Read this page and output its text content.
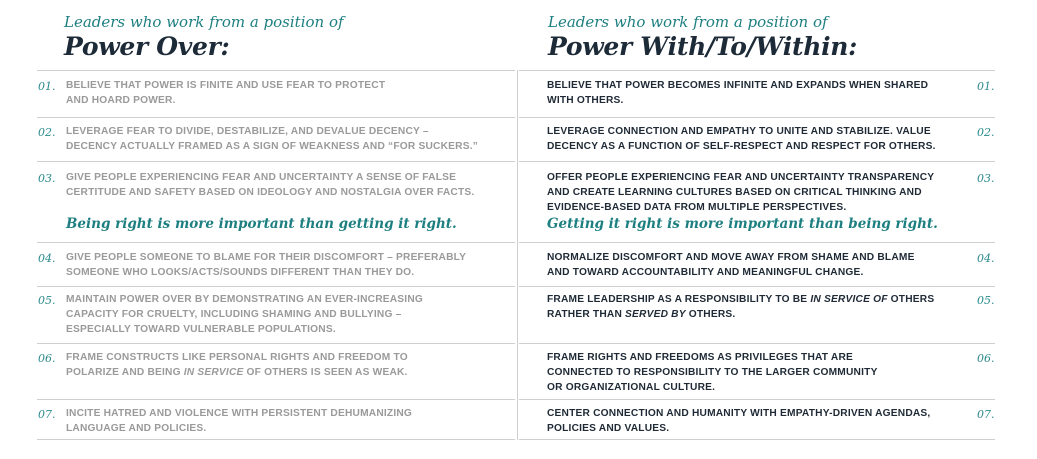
Leaders who work from a position of
Power Over:
Leaders who work from a position of
Power With/To/Within:
01. BELIEVE THAT POWER IS FINITE AND USE FEAR TO PROTECT
AND HOARD POWER.
BELIEVE THAT POWER BECOMES INFINITE AND EXPANDS WHEN SHARED
WITH OTHERS.
01.
02. LEVERAGE FEAR TO DIVIDE, DESTABILIZE, AND DEVALUE DECENCY –
DECENCY ACTUALLY FRAMED AS A SIGN OF WEAKNESS AND “FOR SUCKERS.”
LEVERAGE CONNECTION AND EMPATHY TO UNITE AND STABILIZE. VALUE
DECENCY AS A FUNCTION OF SELF-RESPECT AND RESPECT FOR OTHERS.
02.
03. GIVE PEOPLE EXPERIENCING FEAR AND UNCERTAINTY A SENSE OF FALSE
CERTITUDE AND SAFETY BASED ON IDEOLOGY AND NOSTALGIA OVER FACTS.
Being right is more important than getting it right.
OFFER PEOPLE EXPERIENCING FEAR AND UNCERTAINTY TRANSPARENCY
AND CREATE LEARNING CULTURES BASED ON CRITICAL THINKING AND
EVIDENCE-BASED DATA FROM MULTIPLE PERSPECTIVES.
Getting it right is more important than being right.
03.
04. GIVE PEOPLE SOMEONE TO BLAME FOR THEIR DISCOMFORT – PREFERABLY
SOMEONE WHO LOOKS/ACTS/SOUNDS DIFFERENT THAN THEY DO.
NORMALIZE DISCOMFORT AND MOVE AWAY FROM SHAME AND BLAME
AND TOWARD ACCOUNTABILITY AND MEANINGFUL CHANGE.
04.
05. MAINTAIN POWER OVER BY DEMONSTRATING AN EVER-INCREASING
CAPACITY FOR CRUELTY, INCLUDING SHAMING AND BULLYING –
ESPECIALLY TOWARD VULNERABLE POPULATIONS.
FRAME LEADERSHIP AS A RESPONSIBILITY TO BE IN SERVICE OF OTHERS
RATHER THAN SERVED BY OTHERS.
05.
06. FRAME CONSTRUCTS LIKE PERSONAL RIGHTS AND FREEDOM TO
POLARIZE AND BEING IN SERVICE OF OTHERS IS SEEN AS WEAK.
FRAME RIGHTS AND FREEDOMS AS PRIVILEGES THAT ARE
CONNECTED TO RESPONSIBILITY TO THE LARGER COMMUNITY
OR ORGANIZATIONAL CULTURE.
06.
07. INCITE HATRED AND VIOLENCE WITH PERSISTENT DEHUMANIZING
LANGUAGE AND POLICIES.
CENTER CONNECTION AND HUMANITY WITH EMPATHY-DRIVEN AGENDAS,
POLICIES AND VALUES.
07.
